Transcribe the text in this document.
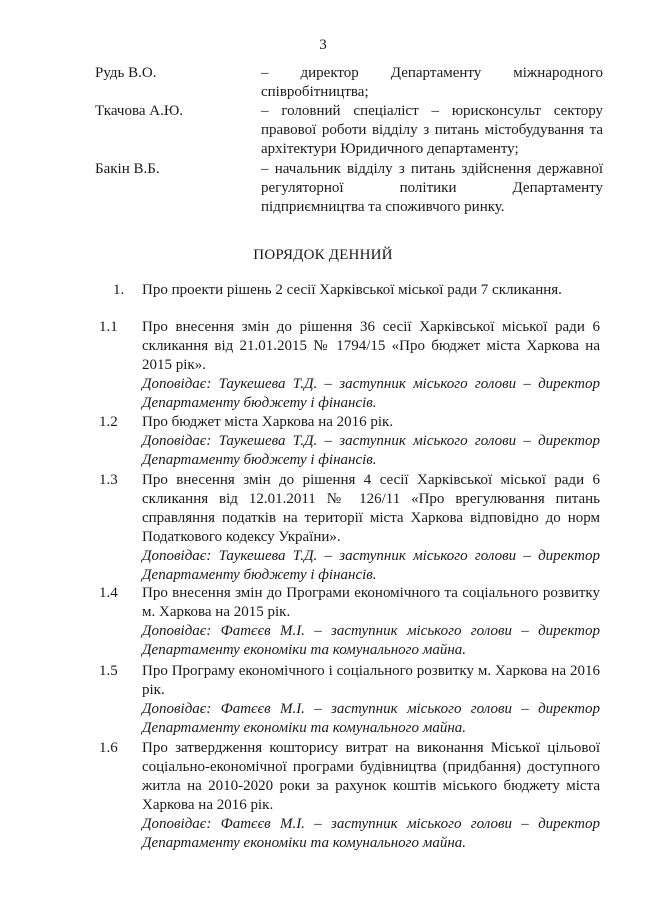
3
Рудь В.О.	– директор Департаменту міжнародного співробітництва;
Ткачова А.Ю.	– головний спеціаліст – юрисконсульт сектору правової роботи відділу з питань містобудування та архітектури Юридичного департаменту;
Бакін В.Б.	– начальник відділу з питань здійснення державної регуляторної політики Департаменту підприємництва та споживчого ринку.
ПОРЯДОК ДЕННИЙ
1. Про проекти рішень 2 сесії Харківської міської ради 7 скликання.

1.1 Про внесення змін до рішення 36 сесії Харківської міської ради 6 скликання від 21.01.2015 № 1794/15 «Про бюджет міста Харкова на 2015 рік».

Доповідає: Таукешева Т.Д. – заступник міського голови – директор Департаменту бюджету і фінансів.

1.2 Про бюджет міста Харкова на 2016 рік.

Доповідає: Таукешева Т.Д. – заступник міського голови – директор Департаменту бюджету і фінансів.

1.3 Про внесення змін до рішення 4 сесії Харківської міської ради 6 скликання від 12.01.2011 № 126/11 «Про врегулювання питань справляння податків на території міста Харкова відповідно до норм Податкового кодексу України».

Доповідає: Таукешева Т.Д. – заступник міського голови – директор Департаменту бюджету і фінансів.

1.4 Про внесення змін до Програми економічного та соціального розвитку м. Харкова на 2015 рік.

Доповідає: Фатєєв М.І. – заступник міського голови – директор Департаменту економіки та комунального майна.

1.5 Про Програму економічного і соціального розвитку м. Харкова на 2016 рік.

Доповідає: Фатєєв М.І. – заступник міського голови – директор Департаменту економіки та комунального майна.

1.6 Про затвердження кошторису витрат на виконання Міської цільової соціально-економічної програми будівництва (придбання) доступного житла на 2010-2020 роки за рахунок коштів міського бюджету міста Харкова на 2016 рік.

Доповідає: Фатєєв М.І. – заступник міського голови – директор Департаменту економіки та комунального майна.
